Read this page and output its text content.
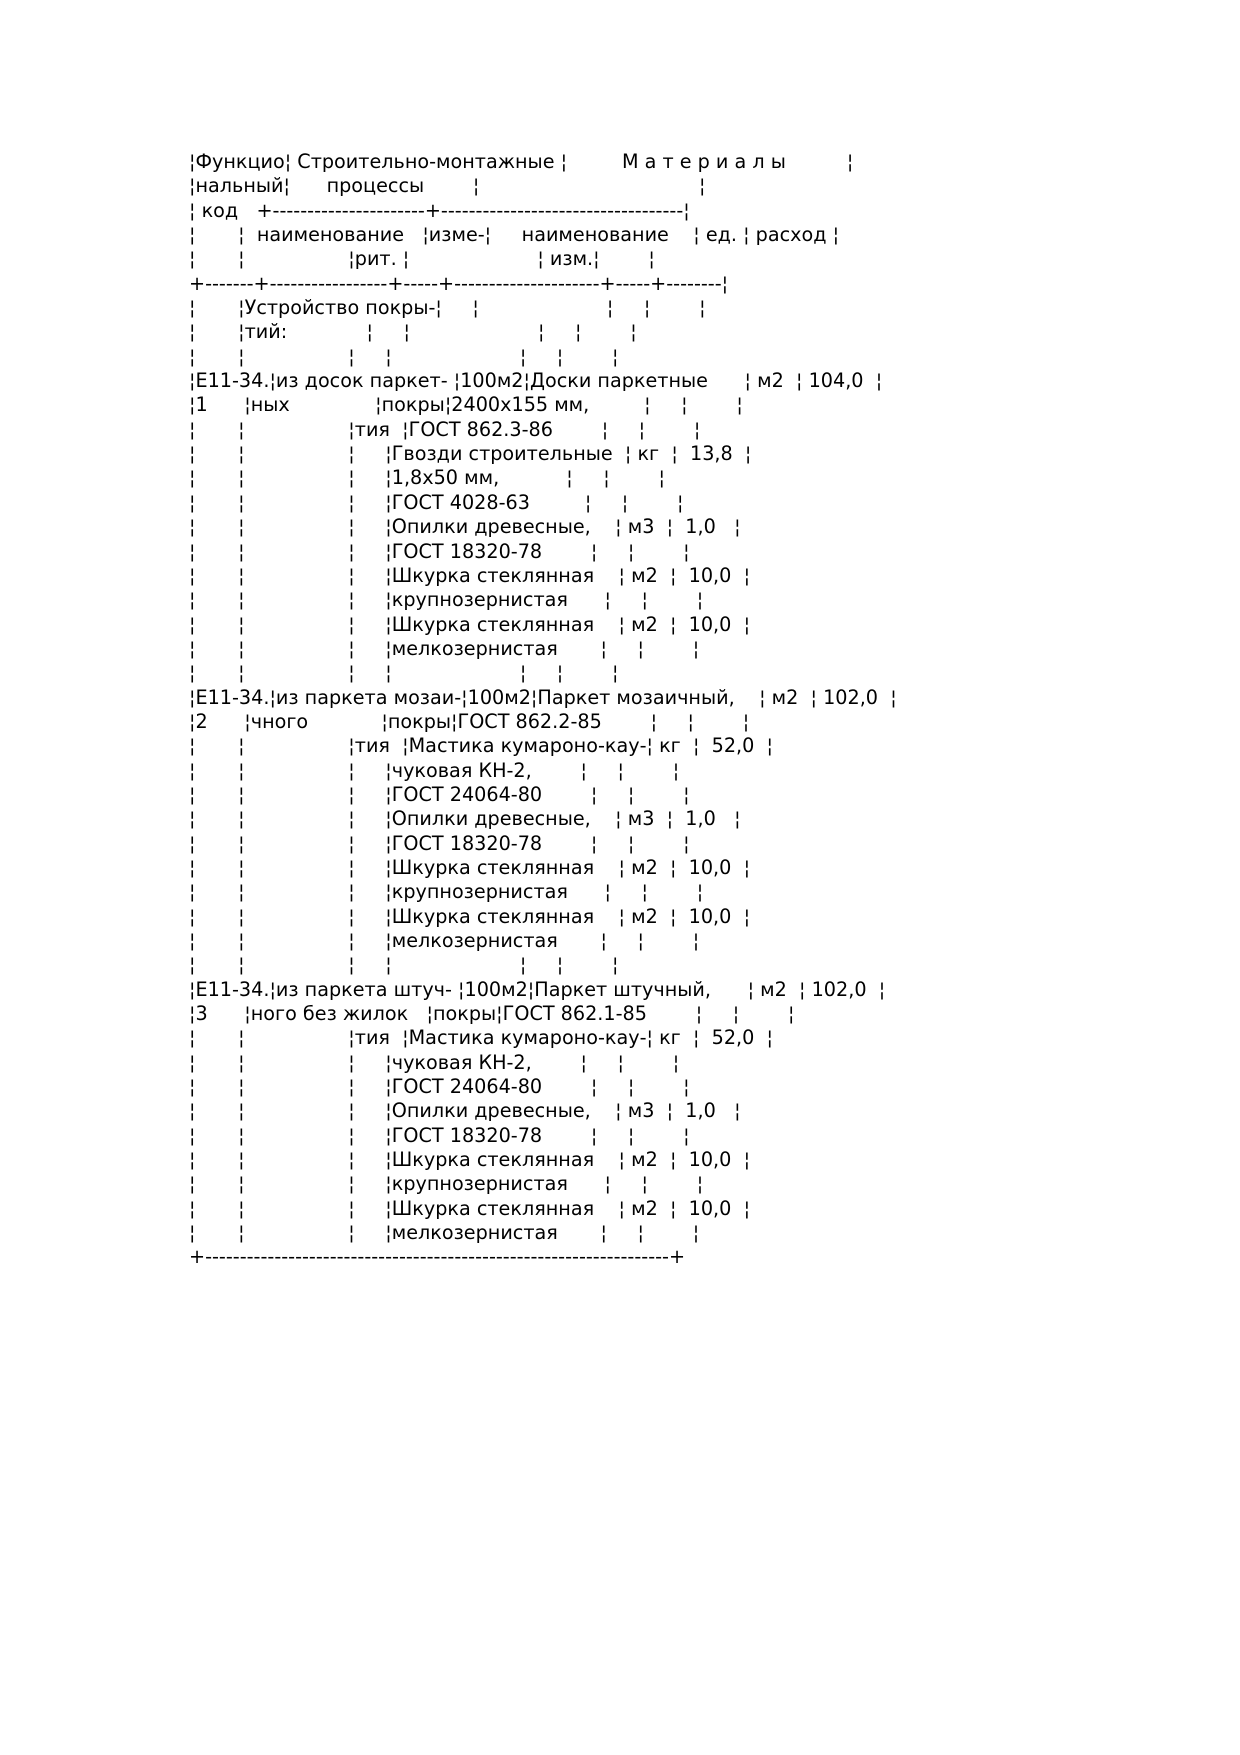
¦Функцио¦ Строительно-монтажные ¦         М а т е р и а л ы          ¦
¦нальный¦      процессы        ¦                                    ¦
¦ код   +----------------------+-----------------------------------¦
¦       ¦  наименование   ¦изме-¦     наименование    ¦ ед. ¦ расход ¦
¦       ¦                 ¦рит. ¦                     ¦ изм.¦        ¦
+-------+-----------------+-----+---------------------+-----+--------¦
¦       ¦Устройство покры-¦     ¦                     ¦     ¦        ¦
¦       ¦тий:             ¦     ¦                     ¦     ¦        ¦
¦       ¦                 ¦     ¦                     ¦     ¦        ¦
¦Е11-34.¦из досок паркет- ¦100м2¦Доски паркетные      ¦ м2  ¦ 104,0  ¦
¦1      ¦ных              ¦покры¦2400х155 мм,         ¦     ¦        ¦
¦       ¦                 ¦тия  ¦ГОСТ 862.3-86        ¦     ¦        ¦
¦       ¦                 ¦     ¦Гвозди строительные  ¦ кг  ¦  13,8  ¦
¦       ¦                 ¦     ¦1,8х50 мм,           ¦     ¦        ¦
¦       ¦                 ¦     ¦ГОСТ 4028-63         ¦     ¦        ¦
¦       ¦                 ¦     ¦Опилки древесные,    ¦ м3  ¦  1,0   ¦
¦       ¦                 ¦     ¦ГОСТ 18320-78        ¦     ¦        ¦
¦       ¦                 ¦     ¦Шкурка стеклянная    ¦ м2  ¦  10,0  ¦
¦       ¦                 ¦     ¦крупнозернистая      ¦     ¦        ¦
¦       ¦                 ¦     ¦Шкурка стеклянная    ¦ м2  ¦  10,0  ¦
¦       ¦                 ¦     ¦мелкозернистая       ¦     ¦        ¦
¦       ¦                 ¦     ¦                     ¦     ¦        ¦
¦Е11-34.¦из паркета мозаи-¦100м2¦Паркет мозаичный,    ¦ м2  ¦ 102,0  ¦
¦2      ¦чного            ¦покры¦ГОСТ 862.2-85        ¦     ¦        ¦
¦       ¦                 ¦тия  ¦Мастика кумароно-кау-¦ кг  ¦  52,0  ¦
¦       ¦                 ¦     ¦чуковая КН-2,        ¦     ¦        ¦
¦       ¦                 ¦     ¦ГОСТ 24064-80        ¦     ¦        ¦
¦       ¦                 ¦     ¦Опилки древесные,    ¦ м3  ¦  1,0   ¦
¦       ¦                 ¦     ¦ГОСТ 18320-78        ¦     ¦        ¦
¦       ¦                 ¦     ¦Шкурка стеклянная    ¦ м2  ¦  10,0  ¦
¦       ¦                 ¦     ¦крупнозернистая      ¦     ¦        ¦
¦       ¦                 ¦     ¦Шкурка стеклянная    ¦ м2  ¦  10,0  ¦
¦       ¦                 ¦     ¦мелкозернистая       ¦     ¦        ¦
¦       ¦                 ¦     ¦                     ¦     ¦        ¦
¦Е11-34.¦из паркета штуч- ¦100м2¦Паркет штучный,      ¦ м2  ¦ 102,0  ¦
¦3      ¦ного без жилок   ¦покры¦ГОСТ 862.1-85        ¦     ¦        ¦
¦       ¦                 ¦тия  ¦Мастика кумароно-кау-¦ кг  ¦  52,0  ¦
¦       ¦                 ¦     ¦чуковая КН-2,        ¦     ¦        ¦
¦       ¦                 ¦     ¦ГОСТ 24064-80        ¦     ¦        ¦
¦       ¦                 ¦     ¦Опилки древесные,    ¦ м3  ¦  1,0   ¦
¦       ¦                 ¦     ¦ГОСТ 18320-78        ¦     ¦        ¦
¦       ¦                 ¦     ¦Шкурка стеклянная    ¦ м2  ¦  10,0  ¦
¦       ¦                 ¦     ¦крупнозернистая      ¦     ¦        ¦
¦       ¦                 ¦     ¦Шкурка стеклянная    ¦ м2  ¦  10,0  ¦
¦       ¦                 ¦     ¦мелкозернистая       ¦     ¦        ¦
+-------------------------------------------------------------------+
